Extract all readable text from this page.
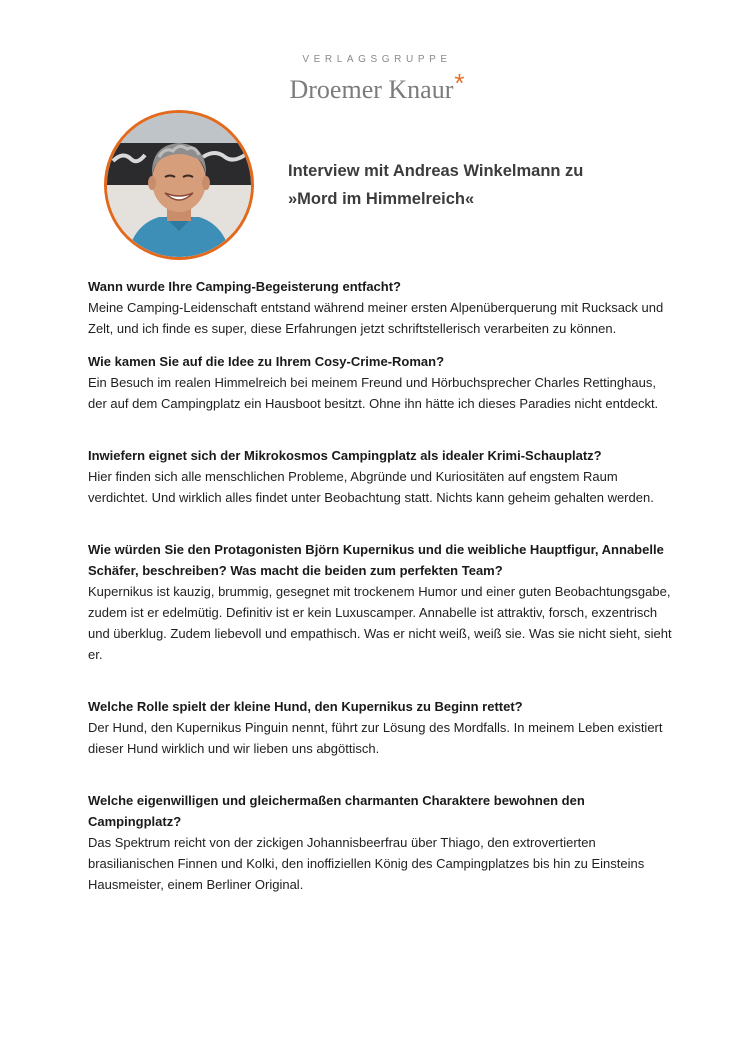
VERLAGSGRUPPE
Droemer Knaur*
Interview mit Andreas Winkelmann zu
»Mord im Himmelreich«

Wann wurde Ihre Camping-Begeisterung entfacht?

Meine Camping-Leidenschaft entstand während meiner ersten Alpenüberquerung mit Rucksack und Zelt, und ich finde es super, diese Erfahrungen jetzt schriftstellerisch verarbeiten zu können.

Wie kamen Sie auf die Idee zu Ihrem Cosy-Crime-Roman?

Ein Besuch im realen Himmelreich bei meinem Freund und Hörbuchsprecher Charles Rettinghaus, der auf dem Campingplatz ein Hausboot besitzt. Ohne ihn hätte ich dieses Paradies nicht entdeckt.

Inwiefern eignet sich der Mikrokosmos Campingplatz als idealer Krimi-Schauplatz?

Hier finden sich alle menschlichen Probleme, Abgründe und Kuriositäten auf engstem Raum verdichtet. Und wirklich alles findet unter Beobachtung statt. Nichts kann geheim gehalten werden.

Wie würden Sie den Protagonisten Björn Kupernikus und die weibliche Hauptfigur, Annabelle Schäfer, beschreiben? Was macht die beiden zum perfekten Team?

Kupernikus ist kauzig, brummig, gesegnet mit trockenem Humor und einer guten Beobachtungsgabe, zudem ist er edelmütig. Definitiv ist er kein Luxuscamper. Annabelle ist attraktiv, forsch, exzentrisch und überklug. Zudem liebevoll und empathisch. Was er nicht weiß, weiß sie. Was sie nicht sieht, sieht er.

Welche Rolle spielt der kleine Hund, den Kupernikus zu Beginn rettet?

Der Hund, den Kupernikus Pinguin nennt, führt zur Lösung des Mordfalls. In meinem Leben existiert dieser Hund wirklich und wir lieben uns abgöttisch.

Welche eigenwilligen und gleichermaßen charmanten Charaktere bewohnen den Campingplatz?

Das Spektrum reicht von der zickigen Johannisbeerfrau über Thiago, den extrovertierten brasilianischen Finnen und Kolki, den inoffiziellen König des Campingplatzes bis hin zu Einsteins Hausmeister, einem Berliner Original.
